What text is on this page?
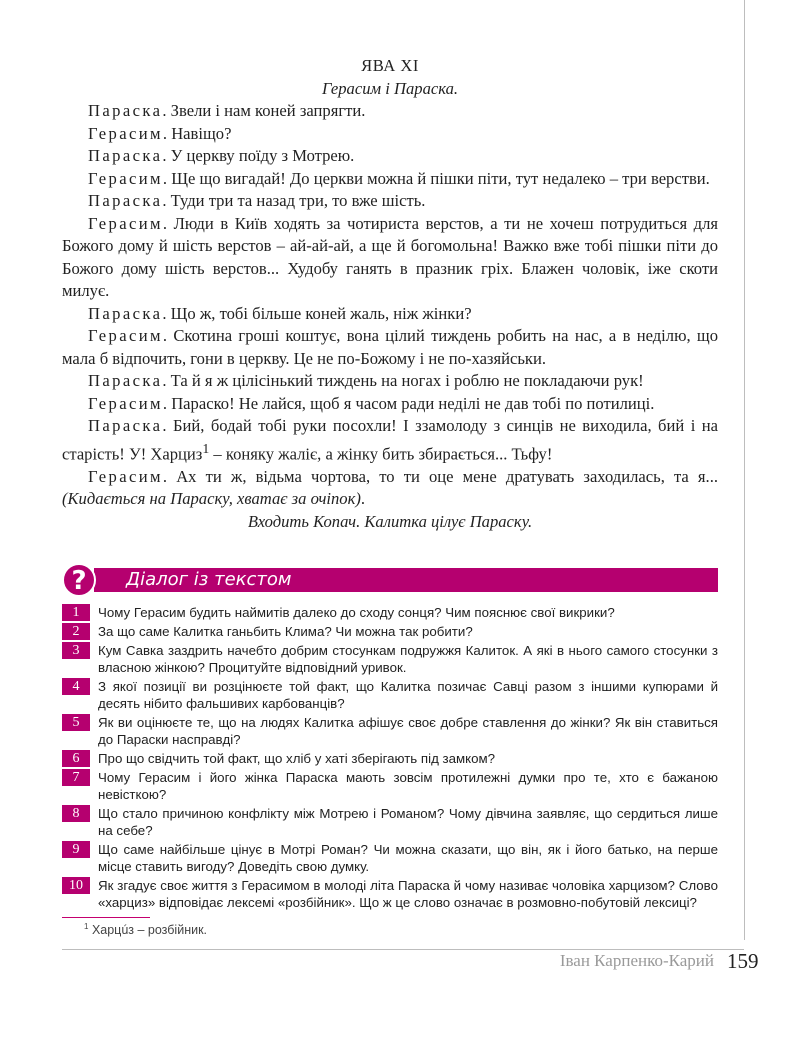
ЯВА XI

Герасим і Параска.

Параска. Звели і нам коней запрягти.

Герасим. Навіщо?

Параска. У церкву поїду з Мотрею.

Герасим. Ще що вигадай! До церкви можна й пішки піти, тут недалеко – три верстви.

Параска. Туди три та назад три, то вже шість.

Герасим. Люди в Київ ходять за чотириста верстов, а ти не хочеш потрудитьcя для Божого дому й шість верстов – ай-ай-ай, а ще й богомольна! Важко вже тобі пішки піти до Божого дому шість верстов... Худобу ганять в празник гріх. Блажен чоловік, іже скоти милує.

Параска. Що ж, тобі більше коней жаль, ніж жінки?

Герасим. Скотина гроші коштує, вона цілий тиждень робить на нас, а в неділю, що мала б відпочить, гони в церкву. Це не по-Божому і не по-хазяйськи.

Параска. Та й я ж цілісінький тиждень на ногах і роблю не покладаючи рук!

Герасим. Параско! Не лайся, щоб я часом ради неділі не дав тобі по потилиці.

Параска. Бий, бодай тобі руки посохли! І ззамолоду з синців не виходила, бий і на старість! У! Харциз$^1$ – коняку жаліє, а жінку бить збирається... Тьфу!

Герасим. Ах ти ж, відьма чортова, то ти оце мене дратувать заходилась, та я... (Кидається на Параску, хватає за очіпок).

Входить Копач. Калитка цілує Параску.

?	Діалог із текстом
1	Чому Герасим будить наймитів далеко до сходу сонця? Чим пояснює свої викрики?
2	За що саме Калитка ганьбить Клима? Чи можна так робити?
3	Кум Савка заздрить начебто добрим стосункам подружжя Калиток. А які в нього самого стосунки з власною жінкою? Процитуйте відповідний уривок.
4	З якої позиції ви розцінюєте той факт, що Калитка позичає Савці разом з іншими купюрами й десять нібито фальшивих карбованців?
5	Як ви оцінюєте те, що на людях Калитка афішує своє добре ставлення до жінки? Як він ставиться до Параски насправді?
6	Про що свідчить той факт, що хліб у хаті зберігають під замком?
7	Чому Герасим і його жінка Параска мають зовсім протилежні думки про те, хто є бажаною невісткою?
8	Що стало причиною конфлікту між Мотрею і Романом? Чому дівчина заявляє, що сердиться лише на себе?
9	Що саме найбільше цінує в Мотрі Роман? Чи можна сказати, що він, як і його батько, на перше місце ставить вигоду? Доведіть свою думку.
10	Як згадує своє життя з Герасимом в молоді літа Параска й чому називає чоловіка харцизом? Слово «харциз» відповідає лексемі «розбійник». Що ж це слово означає в розмовно-побутовій лексиці?
$^1$ Харцúз – розбійник.
Іван Карпенко-Карий 159
